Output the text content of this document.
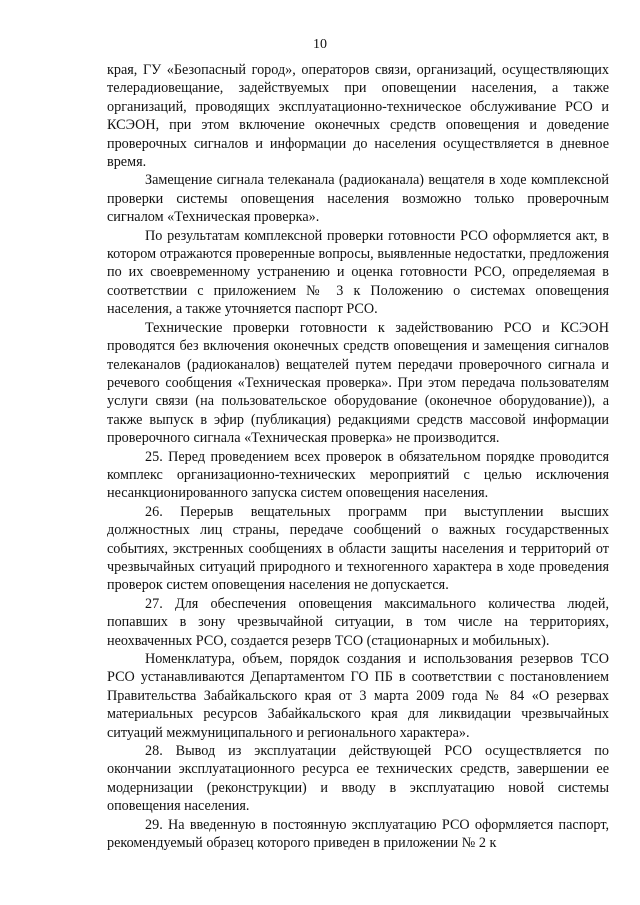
10

края, ГУ «Безопасный город», операторов связи, организаций, осуществляющих телерадиовещание, задействуемых при оповещении населения, а также организаций, проводящих эксплуатационно-техническое обслуживание РСО и КСЭОН, при этом включение оконечных средств оповещения и доведение проверочных сигналов и информации до населения осуществляется в дневное время.

Замещение сигнала телеканала (радиоканала) вещателя в ходе комплексной проверки системы оповещения населения возможно только проверочным сигналом «Техническая проверка».

По результатам комплексной проверки готовности РСО оформляется акт, в котором отражаются проверенные вопросы, выявленные недостатки, предложения по их своевременному устранению и оценка готовности РСО, определяемая в соответствии с приложением № 3 к Положению о системах оповещения населения, а также уточняется паспорт РСО.

Технические проверки готовности к задействованию РСО и КСЭОН проводятся без включения оконечных средств оповещения и замещения сигналов телеканалов (радиоканалов) вещателей путем передачи проверочного сигнала и речевого сообщения «Техническая проверка». При этом передача пользователям услуги связи (на пользовательское оборудование (оконечное оборудование)), а также выпуск в эфир (публикация) редакциями средств массовой информации проверочного сигнала «Техническая проверка» не производится.

25. Перед проведением всех проверок в обязательном порядке проводится комплекс организационно-технических мероприятий с целью исключения несанкционированного запуска систем оповещения населения.

26. Перерыв вещательных программ при выступлении высших должностных лиц страны, передаче сообщений о важных государственных событиях, экстренных сообщениях в области защиты населения и территорий от чрезвычайных ситуаций природного и техногенного характера в ходе проведения проверок систем оповещения населения не допускается.

27. Для обеспечения оповещения максимального количества людей, попавших в зону чрезвычайной ситуации, в том числе на территориях, неохваченных РСО, создается резерв ТСО (стационарных и мобильных).

Номенклатура, объем, порядок создания и использования резервов ТСО РСО устанавливаются Департаментом ГО ПБ в соответствии с постановлением Правительства Забайкальского края от 3 марта 2009 года № 84 «О резервах материальных ресурсов Забайкальского края для ликвидации чрезвычайных ситуаций межмуниципального и регионального характера».

28. Вывод из эксплуатации действующей РСО осуществляется по окончании эксплуатационного ресурса ее технических средств, завершении ее модернизации (реконструкции) и вводу в эксплуатацию новой системы оповещения населения.

29. На введенную в постоянную эксплуатацию РСО оформляется паспорт, рекомендуемый образец которого приведен в приложении № 2 к
